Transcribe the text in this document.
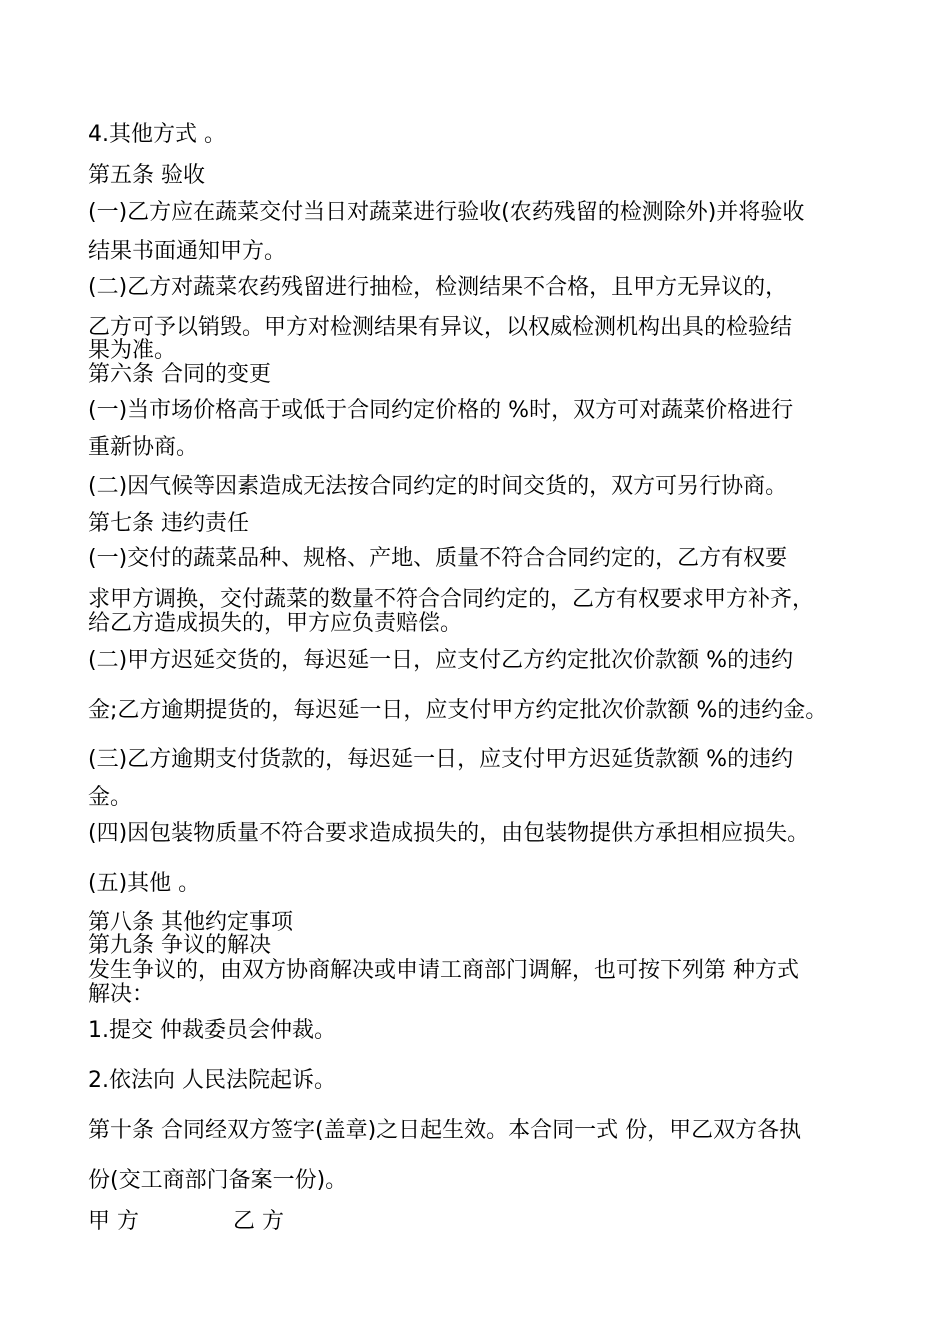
4.其他方式 。
第五条 验收
(一)乙方应在蔬菜交付当日对蔬菜进行验收(农药残留的检测除外)并将验收
结果书面通知甲方。
(二)乙方对蔬菜农药残留进行抽检，检测结果不合格，且甲方无异议的，
乙方可予以销毁。甲方对检测结果有异议，以权威检测机构出具的检验结
果为准。
第六条 合同的变更
(一)当市场价格高于或低于合同约定价格的 %时，双方可对蔬菜价格进行
重新协商。
(二)因气候等因素造成无法按合同约定的时间交货的，双方可另行协商。
第七条 违约责任
(一)交付的蔬菜品种、规格、产地、质量不符合合同约定的，乙方有权要
求甲方调换，交付蔬菜的数量不符合合同约定的，乙方有权要求甲方补齐，
给乙方造成损失的，甲方应负责赔偿。
(二)甲方迟延交货的，每迟延一日，应支付乙方约定批次价款额 %的违约
金;乙方逾期提货的，每迟延一日，应支付甲方约定批次价款额 %的违约金。
(三)乙方逾期支付货款的，每迟延一日，应支付甲方迟延货款额 %的违约
金。
(四)因包装物质量不符合要求造成损失的，由包装物提供方承担相应损失。
(五)其他 。
第八条 其他约定事项
第九条 争议的解决
发生争议的，由双方协商解决或申请工商部门调解，也可按下列第 种方式
解决：
1.提交 仲裁委员会仲裁。
2.依法向 人民法院起诉。
第十条 合同经双方签字(盖章)之日起生效。本合同一式 份，甲乙双方各执
份(交工商部门备案一份)。
甲 方	乙 方
